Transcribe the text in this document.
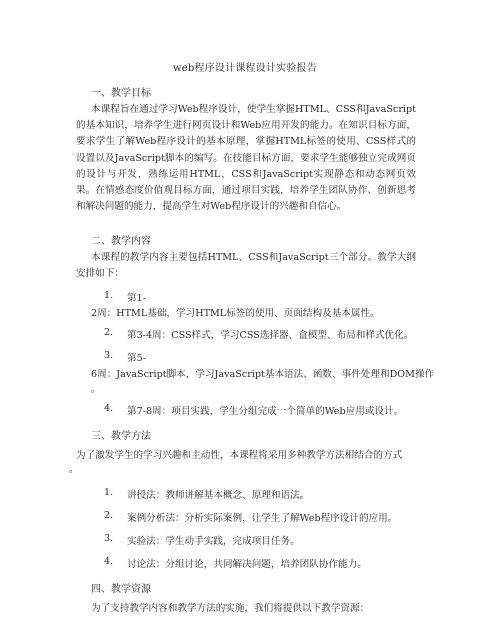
web程序设计课程设计实验报告
一、教学目标
本课程旨在通过学习Web程序设计，使学生掌握HTML、CSS和JavaScript的基本知识，培养学生进行网页设计和Web应用开发的能力。在知识目标方面，要求学生了解Web程序设计的基本原理，掌握HTML标签的使用、CSS样式的设置以及JavaScript脚本的编写。在技能目标方面，要求学生能够独立完成网页的设计与开发，熟练运用HTML、CSS和JavaScript实现静态和动态网页效果。在情感态度价值观目标方面，通过项目实践，培养学生团队协作、创新思考和解决问题的能力，提高学生对Web程序设计的兴趣和自信心。
二、教学内容
本课程的教学内容主要包括HTML、CSS和JavaScript三个部分。教学大纲安排如下：
1. 第1-
2周：HTML基础，学习HTML标签的使用、页面结构及基本属性。
2. 第3-4周：CSS样式，学习CSS选择器、盒模型、布局和样式优化。
3. 第5-
6周：JavaScript脚本，学习JavaScript基本语法、函数、事件处理和DOM操作
。
4. 第7-8周：项目实践，学生分组完成一个简单的Web应用或设计。
三、教学方法
为了激发学生的学习兴趣和主动性，本课程将采用多种教学方法相结合的方式
。
1. 讲授法：教师讲解基本概念、原理和语法。
2. 案例分析法：分析实际案例，让学生了解Web程序设计的应用。
3. 实验法：学生动手实践，完成项目任务。
4. 讨论法：分组讨论，共同解决问题，培养团队协作能力。
四、教学资源
为了支持教学内容和教学方法的实施，我们将提供以下教学资源：
